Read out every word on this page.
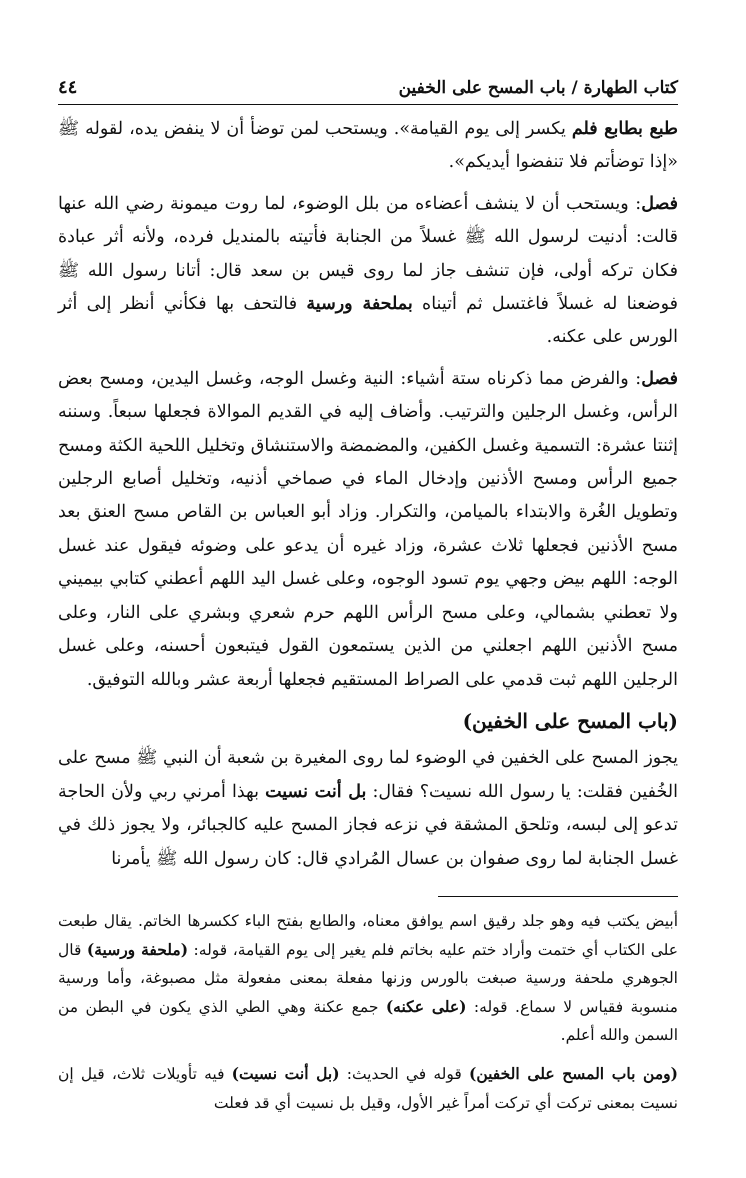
كتاب الطهارة / باب المسح على الخفين
٤٤

طبع بطابع فلم يكسر إلى يوم القيامة». ويستحب لمن توضأ أن لا ينفض يده، لقوله ﷺ «إذا توضأتم فلا تنفضوا أيديكم».

فصل: ويستحب أن لا ينشف أعضاءه من بلل الوضوء، لما روت ميمونة رضي الله عنها قالت: أدنيت لرسول الله ﷺ غسلاً من الجنابة فأتيته بالمنديل فرده، ولأنه أثر عبادة فكان تركه أولى، فإن تنشف جاز لما روى قيس بن سعد قال: أتانا رسول الله ﷺ فوضعنا له غسلاً فاغتسل ثم أتيناه بملحفة ورسية فالتحف بها فكأني أنظر إلى أثر الورس على عكنه.

فصل: والفرض مما ذكرناه ستة أشياء: النية وغسل الوجه، وغسل اليدين، ومسح بعض الرأس، وغسل الرجلين والترتيب. وأضاف إليه في القديم الموالاة فجعلها سبعاً. وسننه إثنتا عشرة: التسمية وغسل الكفين، والمضمضة والاستنشاق وتخليل اللحية الكثة ومسح جميع الرأس ومسح الأذنين وإدخال الماء في صماخي أذنيه، وتخليل أصابع الرجلين وتطويل الغُرة والابتداء بالميامن، والتكرار. وزاد أبو العباس بن القاص مسح العنق بعد مسح الأذنين فجعلها ثلاث عشرة، وزاد غيره أن يدعو على وضوئه فيقول عند غسل الوجه: اللهم بيض وجهي يوم تسود الوجوه، وعلى غسل اليد اللهم أعطني كتابي بيميني ولا تعطني بشمالي، وعلى مسح الرأس اللهم حرم شعري وبشري على النار، وعلى مسح الأذنين اللهم اجعلني من الذين يستمعون القول فيتبعون أحسنه، وعلى غسل الرجلين اللهم ثبت قدمي على الصراط المستقيم فجعلها أربعة عشر وبالله التوفيق.

(باب المسح على الخفين)

يجوز المسح على الخفين في الوضوء لما روى المغيرة بن شعبة أن النبي ﷺ مسح على الخُفين فقلت: يا رسول الله نسيت؟ فقال: بل أنت نسيت بهذا أمرني ربي ولأن الحاجة تدعو إلى لبسه، وتلحق المشقة في نزعه فجاز المسح عليه كالجبائر، ولا يجوز ذلك في غسل الجنابة لما روى صفوان بن عسال المُرادي قال: كان رسول الله ﷺ يأمرنا

أبيض يكتب فيه وهو جلد رقيق اسم يوافق معناه، والطابع بفتح الباء ككسرها الخاتم. يقال طبعت على الكتاب أي ختمت وأراد ختم عليه بخاتم فلم يغير إلى يوم القيامة، قوله: (ملحفة ورسية) قال الجوهري ملحفة ورسية صبغت بالورس وزنها مفعلة بمعنى مفعولة مثل مصبوغة، وأما ورسية منسوبة فقياس لا سماع. قوله: (على عكنه) جمع عكنة وهي الطي الذي يكون في البطن من السمن والله أعلم.

(ومن باب المسح على الخفين) قوله في الحديث: (بل أنت نسيت) فيه تأويلات ثلاث، قيل إن نسيت بمعنى تركت أي تركت أمراً غير الأول، وقيل بل نسيت أي قد فعلت
